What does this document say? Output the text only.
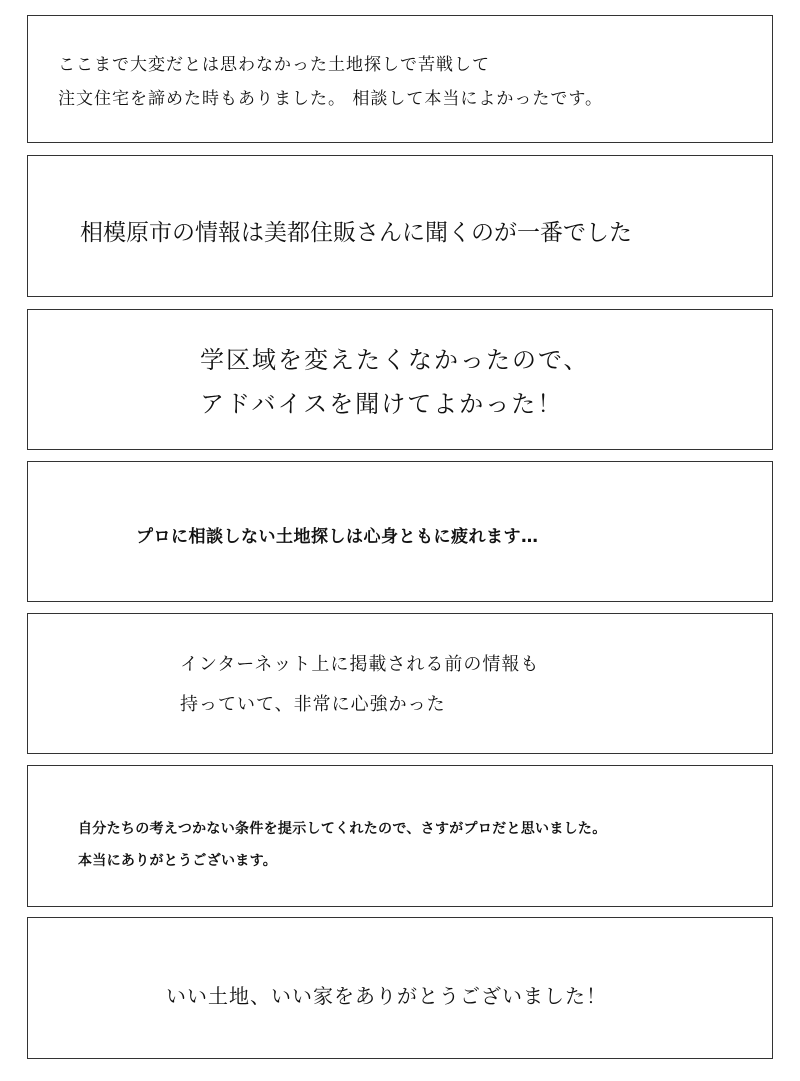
ここまで大変だとは思わなかった土地探しで苦戦して
注文住宅を諦めた時もありました。 相談して本当によかったです。
相模原市の情報は美都住販さんに聞くのが一番でした
学区域を変えたくなかったので、
アドバイスを聞けてよかった！
プロに相談しない土地探しは心身ともに疲れます…
インターネット上に掲載される前の情報も
持っていて、非常に心強かった
自分たちの考えつかない条件を提示してくれたので、さすがプロだと思いました。
本当にありがとうございます。
いい土地、いい家をありがとうございました！
